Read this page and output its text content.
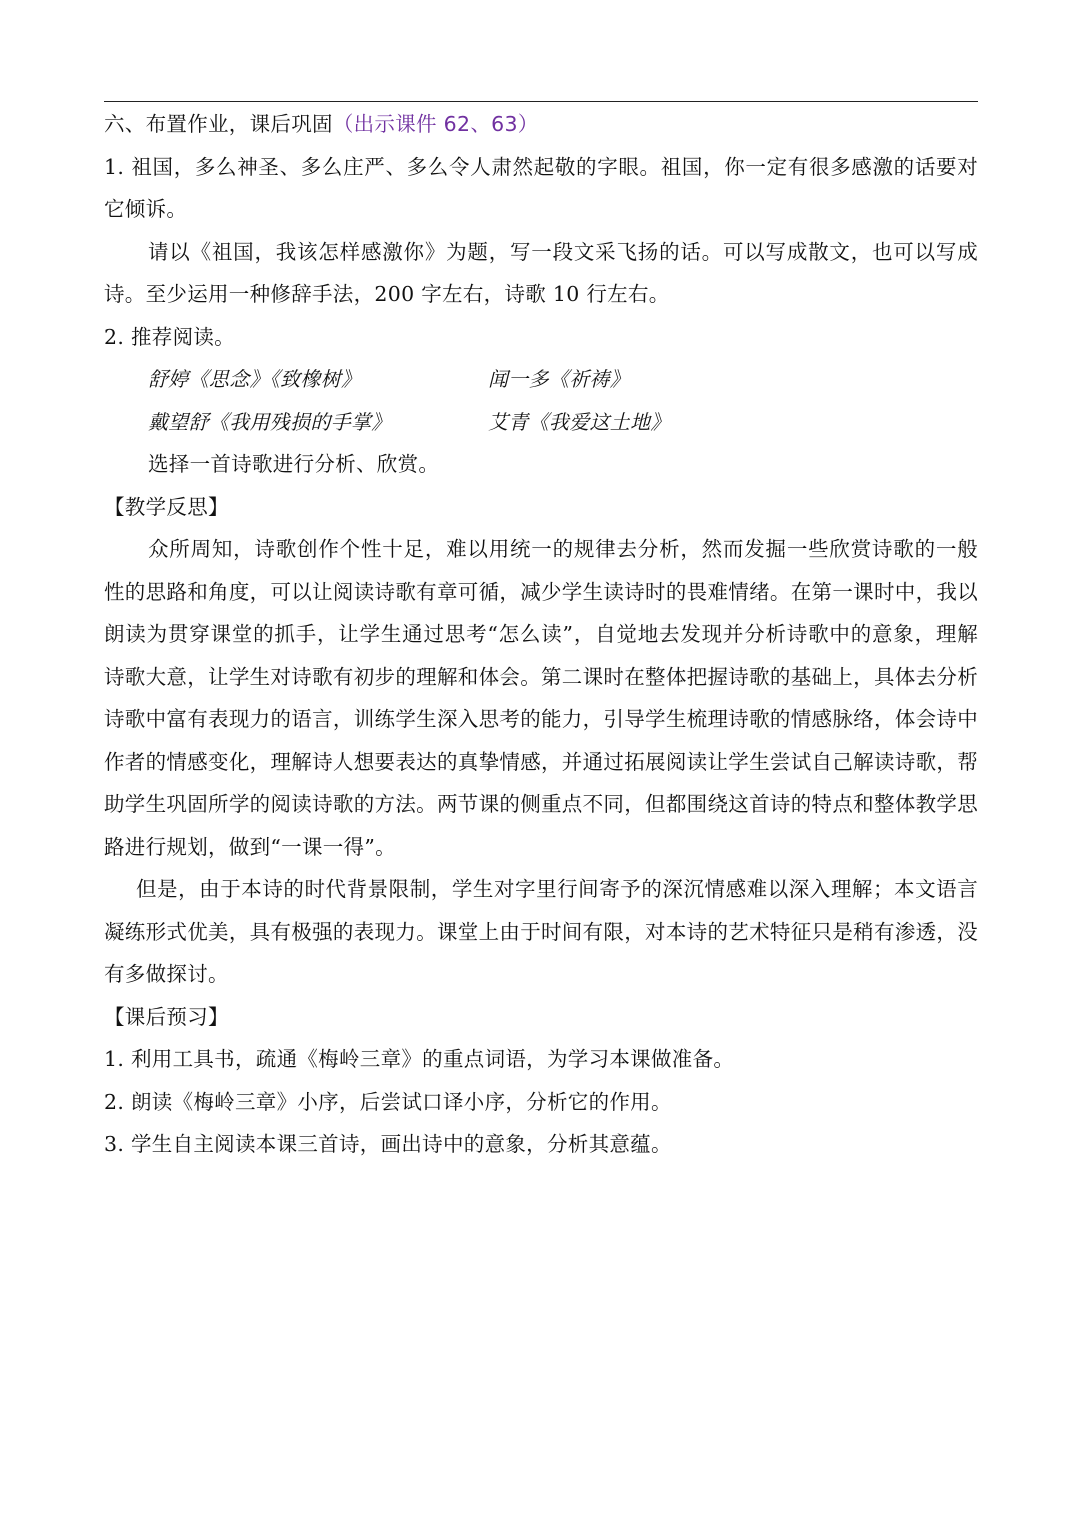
六、布置作业，课后巩固（出示课件 62、63）

1. 祖国，多么神圣、多么庄严、多么令人肃然起敬的字眼。祖国，你一定有很多感激的话要对它倾诉。

请以《祖国，我该怎样感激你》为题，写一段文采飞扬的话。可以写成散文，也可以写成诗。至少运用一种修辞手法，200 字左右，诗歌 10 行左右。

2. 推荐阅读。

舒婷《思念》《致橡树》	闻一多《祈祷》
戴望舒《我用残损的手掌》	艾青《我爱这土地》

选择一首诗歌进行分析、欣赏。

【教学反思】

众所周知，诗歌创作个性十足，难以用统一的规律去分析，然而发掘一些欣赏诗歌的一般性的思路和角度，可以让阅读诗歌有章可循，减少学生读诗时的畏难情绪。在第一课时中，我以朗读为贯穿课堂的抓手，让学生通过思考“怎么读”，自觉地去发现并分析诗歌中的意象，理解诗歌大意，让学生对诗歌有初步的理解和体会。第二课时在整体把握诗歌的基础上，具体去分析诗歌中富有表现力的语言，训练学生深入思考的能力，引导学生梳理诗歌的情感脉络，体会诗中作者的情感变化，理解诗人想要表达的真挚情感，并通过拓展阅读让学生尝试自己解读诗歌，帮助学生巩固所学的阅读诗歌的方法。两节课的侧重点不同，但都围绕这首诗的特点和整体教学思路进行规划，做到“一课一得”。

但是，由于本诗的时代背景限制，学生对字里行间寄予的深沉情感难以深入理解；本文语言凝练形式优美，具有极强的表现力。课堂上由于时间有限，对本诗的艺术特征只是稍有渗透，没有多做探讨。

【课后预习】

1. 利用工具书，疏通《梅岭三章》的重点词语，为学习本课做准备。

2. 朗读《梅岭三章》小序，后尝试口译小序，分析它的作用。

3. 学生自主阅读本课三首诗，画出诗中的意象，分析其意蕴。
